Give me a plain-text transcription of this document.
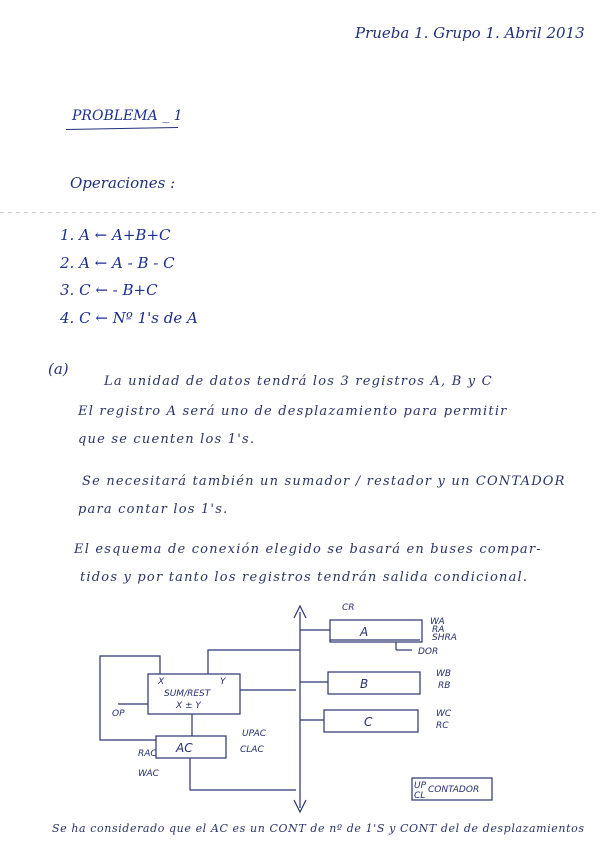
Prueba 1. Grupo 1. Abril 2013
PROBLEMA _ 1
Operaciones :
1. A ← A+B+C
2. A ← A - B - C
3. C ← - B+C
4. C ← Nº 1's de A
(a)
La unidad de datos tendrá los 3 registros A, B y C
El registro A será uno de desplazamiento para permitir
que se cuenten los 1's.
Se necesitará también un sumador / restador y un CONTADOR
para contar los 1's.
El esquema de conexión elegido se basará en buses compar-
tidos y por tanto los registros tendrán salida condicional.
A
B
C
SUM/REST
X ± Y
X	Y
AC
CONTADOR
CR
WA
RA
SHRA
DOR
WB
RB
WC
RC
OP
UPAC
CLAC
RAC
WAC
UP
CL
Se ha considerado que el AC es un CONT de nº de 1'S y CONT del de desplazamientos
